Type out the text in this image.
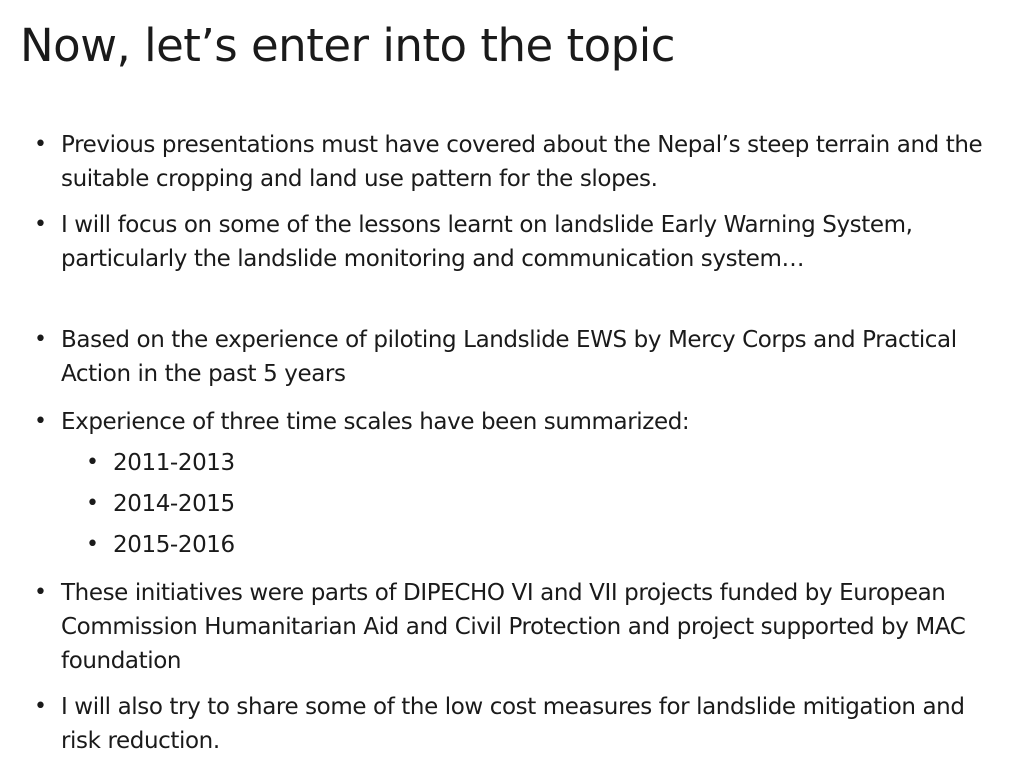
Now, let’s enter into the topic
• Previous presentations must have covered about the Nepal’s steep terrain and the suitable cropping and land use pattern for the slopes.
• I will focus on some of the lessons learnt on landslide Early Warning System, particularly the landslide monitoring and communication system…
• Based on the experience of piloting Landslide EWS by Mercy Corps and Practical Action in the past 5 years
• Experience of three time scales have been summarized:
• 2011-2013
• 2014-2015
• 2015-2016
• These initiatives were parts of DIPECHO VI and VII projects funded by European Commission Humanitarian Aid and Civil Protection and project supported by MAC foundation
• I will also try to share some of the low cost measures for landslide mitigation and risk reduction.
